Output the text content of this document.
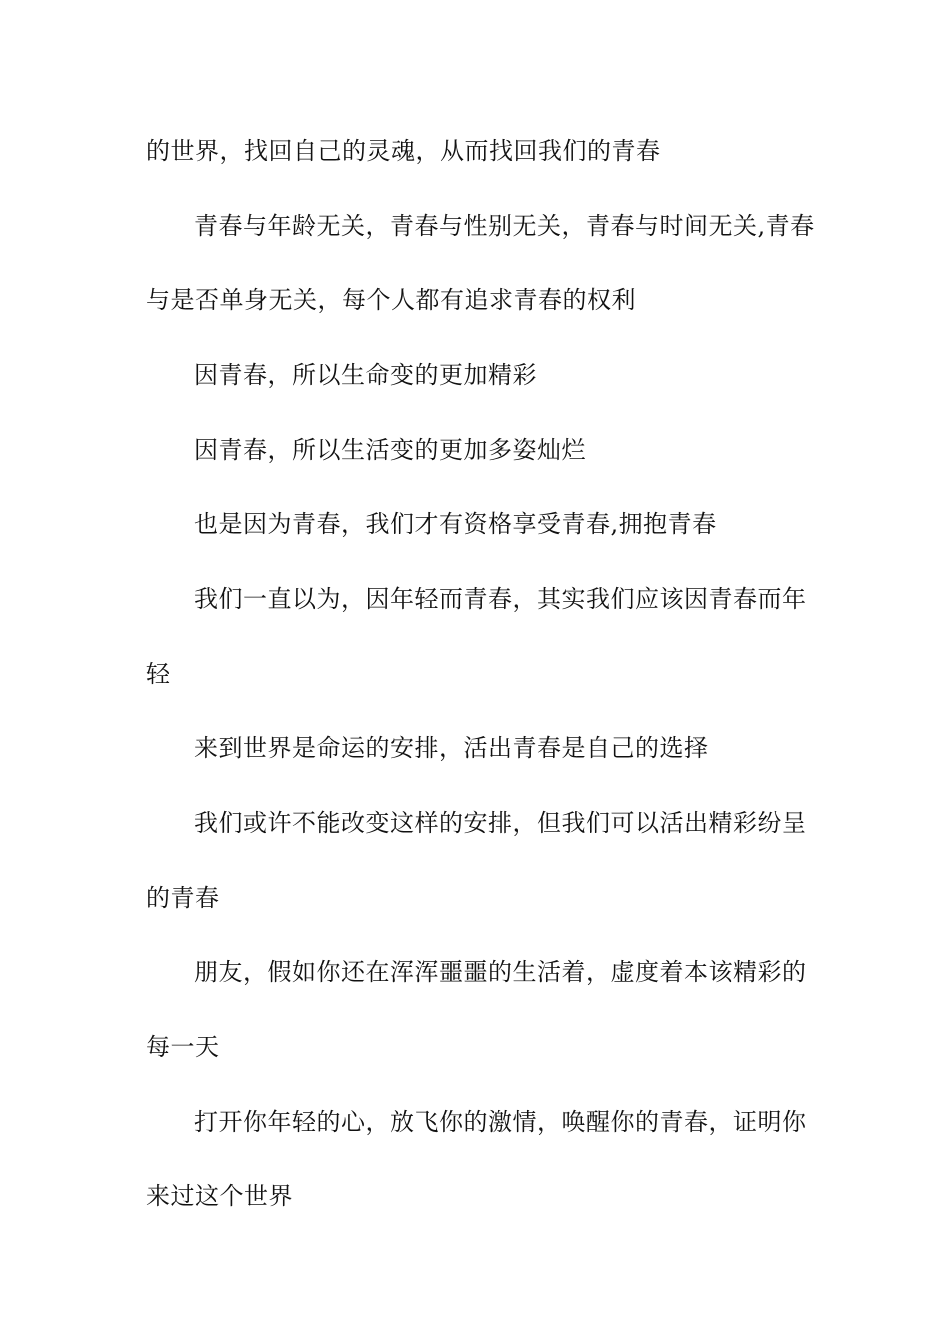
的世界，找回自己的灵魂，从而找回我们的青春
青春与年龄无关，青春与性别无关，青春与时间无关,青春
与是否单身无关，每个人都有追求青春的权利
因青春，所以生命变的更加精彩
因青春，所以生活变的更加多姿灿烂
也是因为青春，我们才有资格享受青春,拥抱青春
我们一直以为，因年轻而青春，其实我们应该因青春而年
轻
来到世界是命运的安排，活出青春是自己的选择
我们或许不能改变这样的安排，但我们可以活出精彩纷呈
的青春
朋友，假如你还在浑浑噩噩的生活着，虚度着本该精彩的
每一天
打开你年轻的心，放飞你的激情，唤醒你的青春，证明你
来过这个世界
